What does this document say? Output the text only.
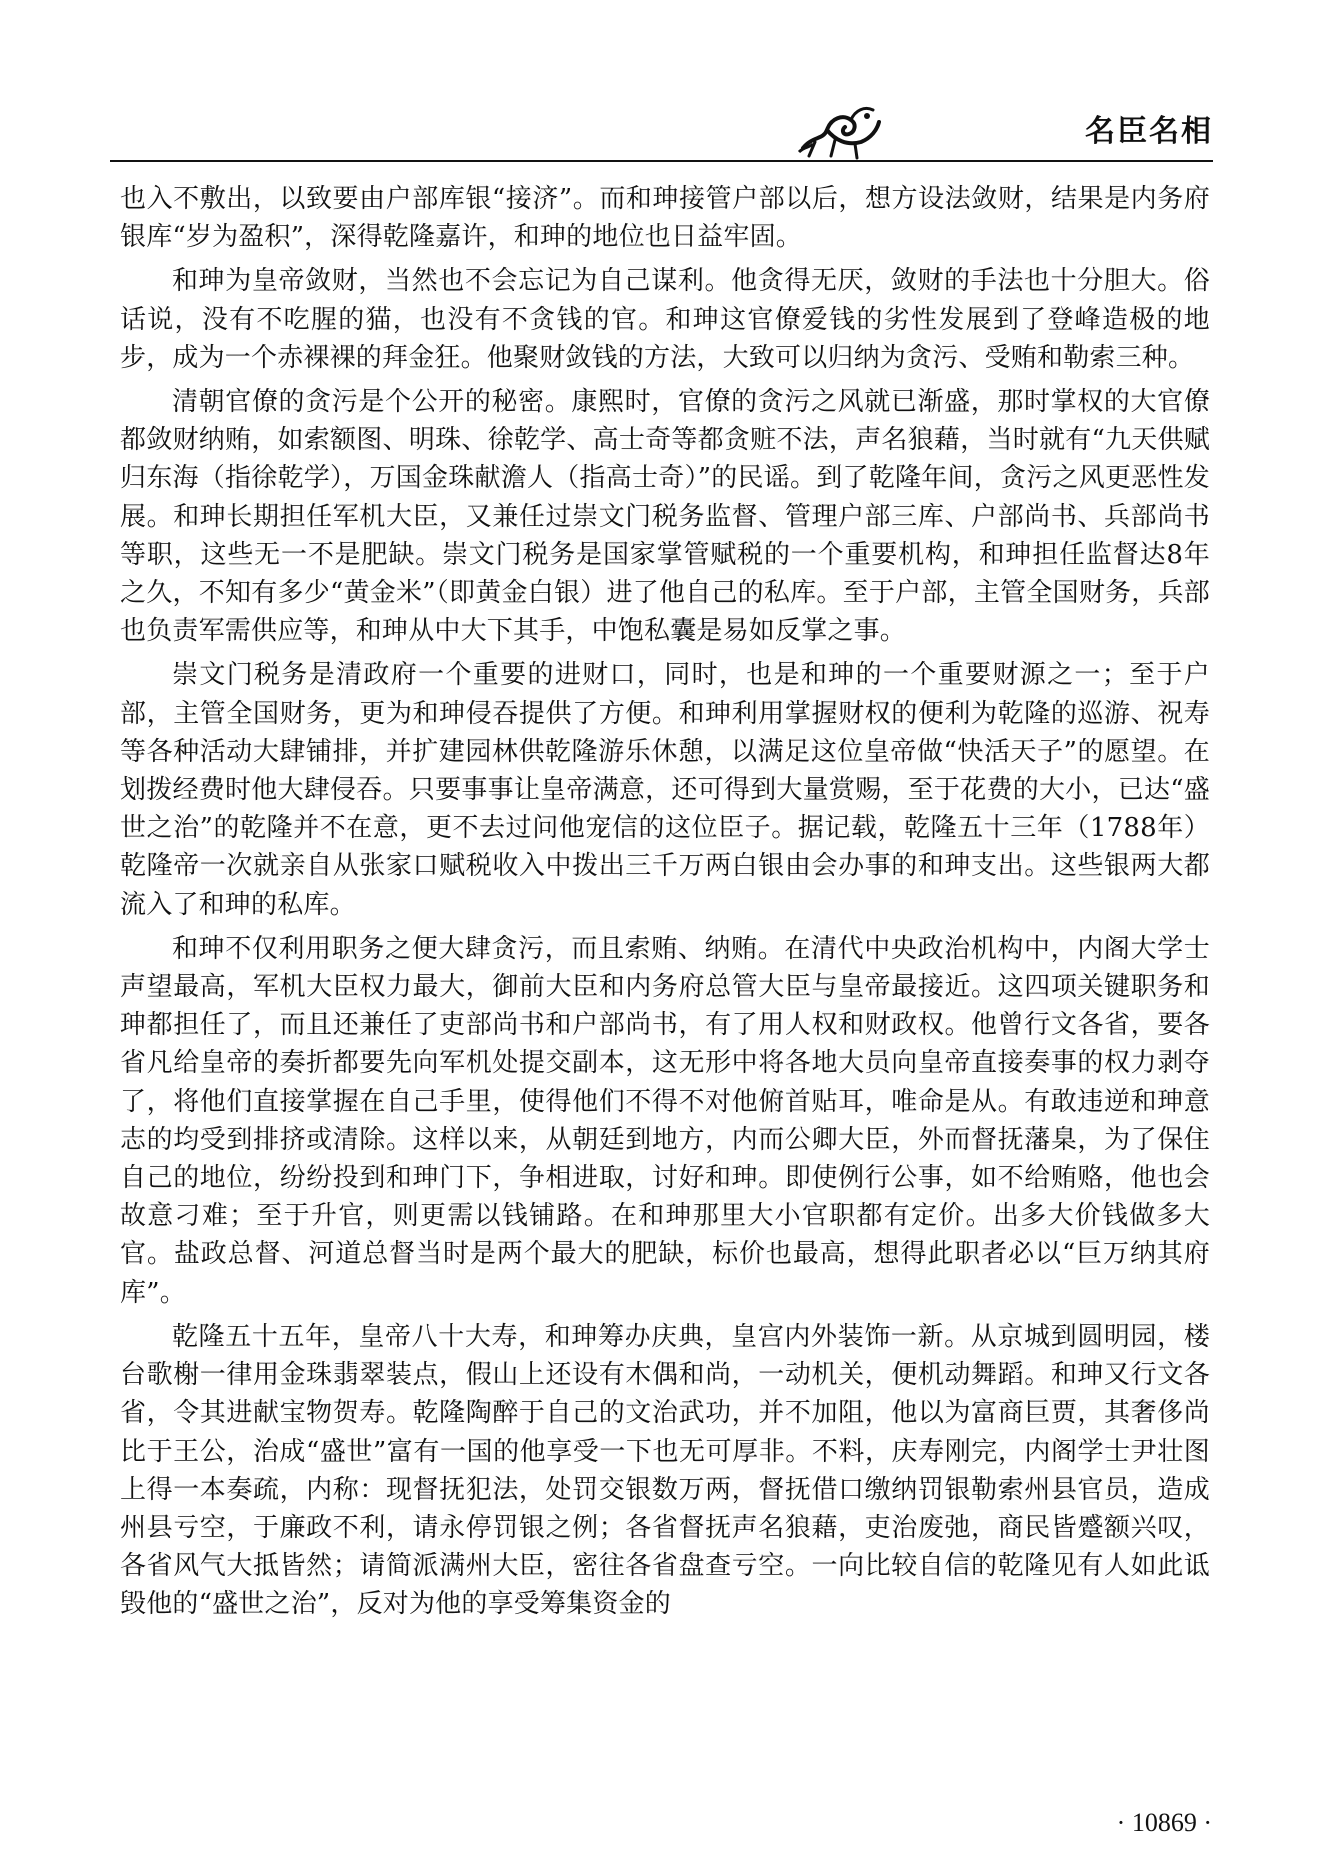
名臣名相

也入不敷出，以致要由户部库银“接济”。而和珅接管户部以后，想方设法敛财，结果是内务府银库“岁为盈积”，深得乾隆嘉许，和珅的地位也日益牢固。

和珅为皇帝敛财，当然也不会忘记为自己谋利。他贪得无厌，敛财的手法也十分胆大。俗话说，没有不吃腥的猫，也没有不贪钱的官。和珅这官僚爱钱的劣性发展到了登峰造极的地步，成为一个赤裸裸的拜金狂。他聚财敛钱的方法，大致可以归纳为贪污、受贿和勒索三种。

清朝官僚的贪污是个公开的秘密。康熙时，官僚的贪污之风就已渐盛，那时掌权的大官僚都敛财纳贿，如索额图、明珠、徐乾学、高士奇等都贪赃不法，声名狼藉，当时就有“九天供赋归东海（指徐乾学），万国金珠献澹人（指高士奇）”的民谣。到了乾隆年间，贪污之风更恶性发展。和珅长期担任军机大臣，又兼任过崇文门税务监督、管理户部三库、户部尚书、兵部尚书等职，这些无一不是肥缺。崇文门税务是国家掌管赋税的一个重要机构，和珅担任监督达8年之久，不知有多少“黄金米”（即黄金白银）进了他自己的私库。至于户部，主管全国财务，兵部也负责军需供应等，和珅从中大下其手，中饱私囊是易如反掌之事。

崇文门税务是清政府一个重要的进财口，同时，也是和珅的一个重要财源之一；至于户部，主管全国财务，更为和珅侵吞提供了方便。和珅利用掌握财权的便利为乾隆的巡游、祝寿等各种活动大肆铺排，并扩建园林供乾隆游乐休憩，以满足这位皇帝做“快活天子”的愿望。在划拨经费时他大肆侵吞。只要事事让皇帝满意，还可得到大量赏赐，至于花费的大小，已达“盛世之治”的乾隆并不在意，更不去过问他宠信的这位臣子。据记载，乾隆五十三年（1788年）乾隆帝一次就亲自从张家口赋税收入中拨出三千万两白银由会办事的和珅支出。这些银两大都流入了和珅的私库。

和珅不仅利用职务之便大肆贪污，而且索贿、纳贿。在清代中央政治机构中，内阁大学士声望最高，军机大臣权力最大，御前大臣和内务府总管大臣与皇帝最接近。这四项关键职务和珅都担任了，而且还兼任了吏部尚书和户部尚书，有了用人权和财政权。他曾行文各省，要各省凡给皇帝的奏折都要先向军机处提交副本，这无形中将各地大员向皇帝直接奏事的权力剥夺了，将他们直接掌握在自己手里，使得他们不得不对他俯首贴耳，唯命是从。有敢违逆和珅意志的均受到排挤或清除。这样以来，从朝廷到地方，内而公卿大臣，外而督抚藩臬，为了保住自己的地位，纷纷投到和珅门下，争相进取，讨好和珅。即使例行公事，如不给贿赂，他也会故意刁难；至于升官，则更需以钱铺路。在和珅那里大小官职都有定价。出多大价钱做多大官。盐政总督、河道总督当时是两个最大的肥缺，标价也最高，想得此职者必以“巨万纳其府库”。

乾隆五十五年，皇帝八十大寿，和珅筹办庆典，皇宫内外装饰一新。从京城到圆明园，楼台歌榭一律用金珠翡翠装点，假山上还设有木偶和尚，一动机关，便机动舞蹈。和珅又行文各省，令其进献宝物贺寿。乾隆陶醉于自己的文治武功，并不加阻，他以为富商巨贾，其奢侈尚比于王公，治成“盛世”富有一国的他享受一下也无可厚非。不料，庆寿刚完，内阁学士尹壮图上得一本奏疏，内称：现督抚犯法，处罚交银数万两，督抚借口缴纳罚银勒索州县官员，造成州县亏空，于廉政不利，请永停罚银之例；各省督抚声名狼藉，吏治废弛，商民皆蹙额兴叹，各省风气大抵皆然；请简派满州大臣，密往各省盘查亏空。一向比较自信的乾隆见有人如此诋毁他的“盛世之治”，反对为他的享受筹集资金的

· 10869 ·
